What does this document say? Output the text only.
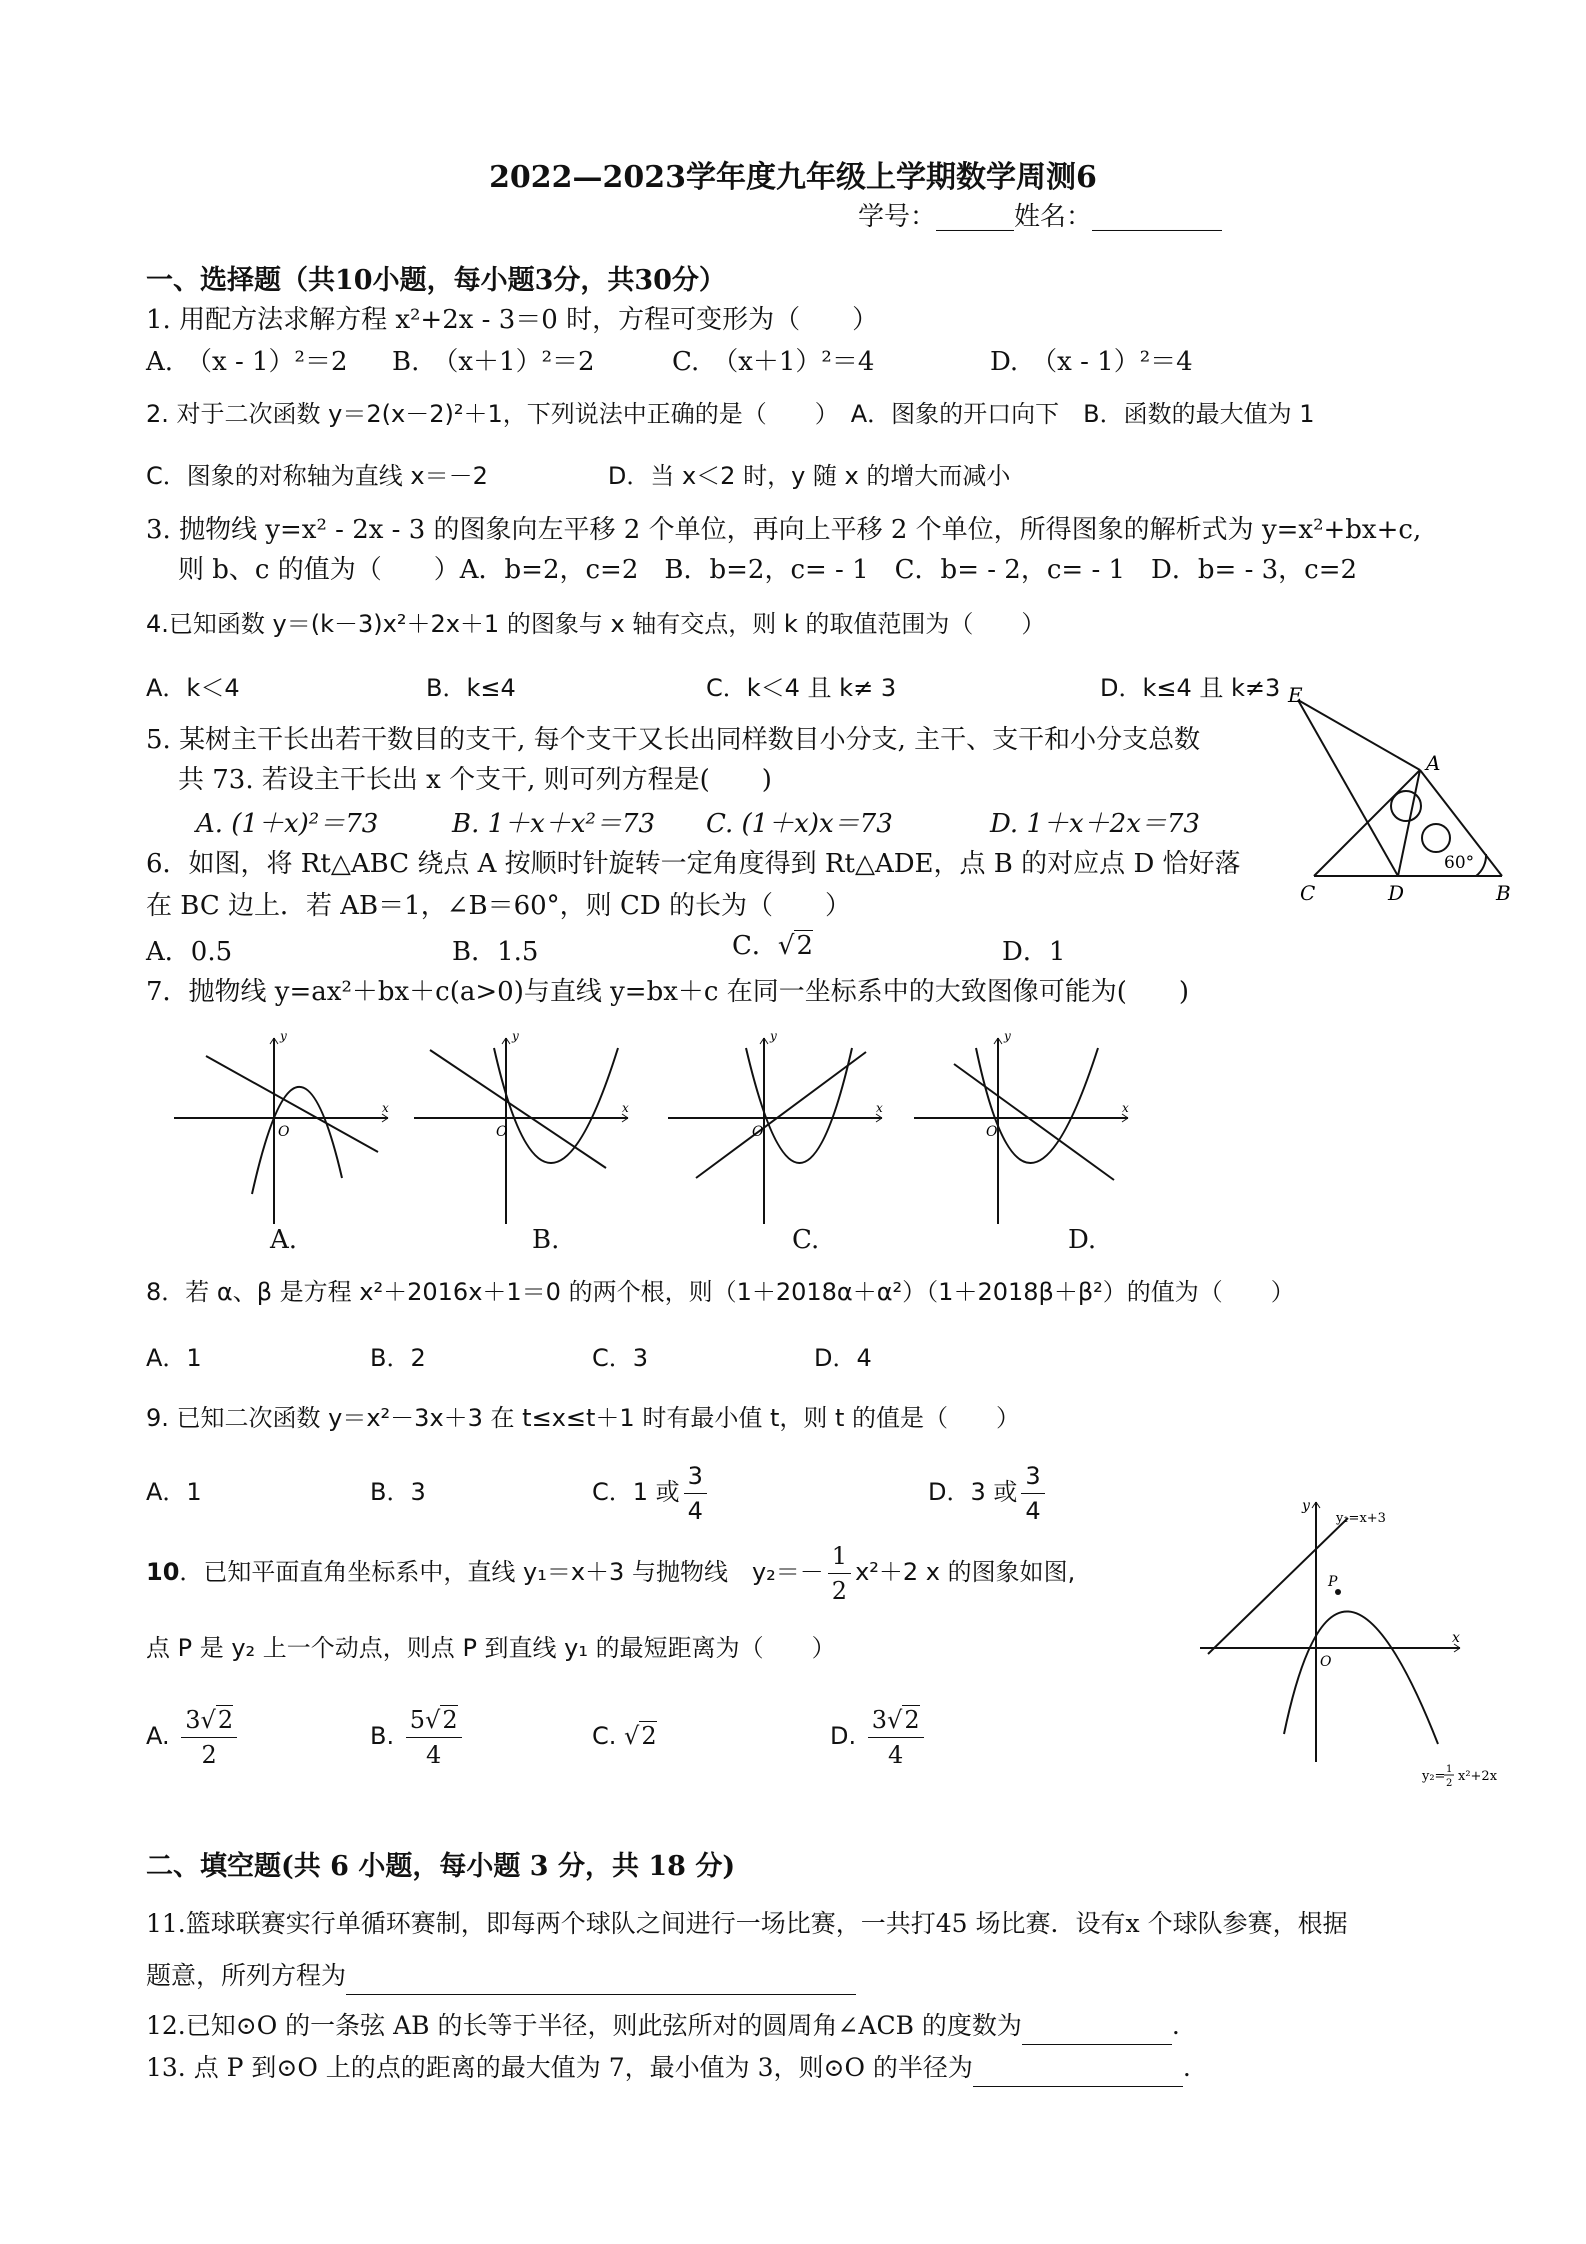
2022—2023学年度九年级上学期数学周测6
学号：______姓名：__________
一、选择题（共10小题，每小题3分，共30分）
1. 用配方法求解方程 x²+2x - 3＝0 时，方程可变形为（　　）
A.　（x - 1）²＝2 B.　（x＋1）²＝2	C.　（x＋1）²＝4	D.　（x - 1）²＝4
2. 对于二次函数 y＝2(x－2)²＋1，下列说法中正确的是（　　）　A．图象的开口向下　B．函数的最大值为 1
C．图象的对称轴为直线 x＝－2　　　　　D．当 x＜2 时，y 随 x 的增大而减小
3. 抛物线 y=x² - 2x - 3 的图象向左平移 2 个单位，再向上平移 2 个单位，所得图象的解析式为 y=x²+bx+c,
则 b、c 的值为（　　）A．b=2，c=2　B．b=2，c= - 1　C．b= - 2，c= - 1　D．b= - 3，c=2
4.已知函数 y＝(k－3)x²＋2x＋1 的图象与 x 轴有交点，则 k 的取值范围为（　　）
A．k＜4	B．k≤4	C．k＜4 且 k≠ 3	D．k≤4 且 k≠3
5. 某树主干长出若干数目的支干, 每个支干又长出同样数目小分支, 主干、支干和小分支总数
共 73. 若设主干长出 x 个支干, 则可列方程是(　　)
A. (1＋x)²＝73	B. 1＋x＋x²＝73 C. (1＋x)x＝73	D. 1＋x＋2x＝73
6．如图，将 Rt△ABC 绕点 A 按顺时针旋转一定角度得到 Rt△ADE，点 B 的对应点 D 恰好落
在 BC 边上．若 AB＝1，∠B＝60°，则 CD 的长为（　　）
A．0.5	B．1.5	C．√2	D．1
E
A
C	D	B
60°
7．抛物线 y=ax²＋bx＋c(a>0)与直线 y=bx＋c 在同一坐标系中的大致图像可能为(　　)
y
x
O
y
x
O
y
x
O
y
x
O
A.	B.	C.	D.
8．若 α、β 是方程 x²＋2016x＋1＝0 的两个根，则（1＋2018α＋α²）（1＋2018β＋β²）的值为（　　）
A．1	B．2	C．3	D．4
9. 已知二次函数 y＝x²－3x＋3 在 t≤x≤t＋1 时有最小值 t，则 t 的值是（　　）
A．1	B．3	C．1 或 $\frac{3}{4}$	D．3 或 $\frac{3}{4}$
10．已知平面直角坐标系中，直线 y₁＝x＋3 与抛物线　$y_2=- \frac{1}{2} x^2+2$ x 的图象如图,
点 P 是 y₂ 上一个动点，则点 P 到直线 y₁ 的最短距离为（　　）
A. $\frac{3√2}{2}$	B. $\frac{5√2}{4}$	C. √2	D. $\frac{3√2}{4}$
y
x
O
P
y₁=x+3
y₂= 1
2 x²+2x
二、填空题(共 6 小题，每小题 3 分，共 18 分)
11.篮球联赛实行单循环赛制，即每两个球队之间进行一场比赛，一共打45 场比赛．设有x 个球队参赛，根据
题意，所列方程为
12.已知⊙O 的一条弦 AB 的长等于半径，则此弦所对的圆周角∠ACB 的度数为	.
13. 点 P 到⊙O 上的点的距离的最大值为 7，最小值为 3，则⊙O 的半径为	.
